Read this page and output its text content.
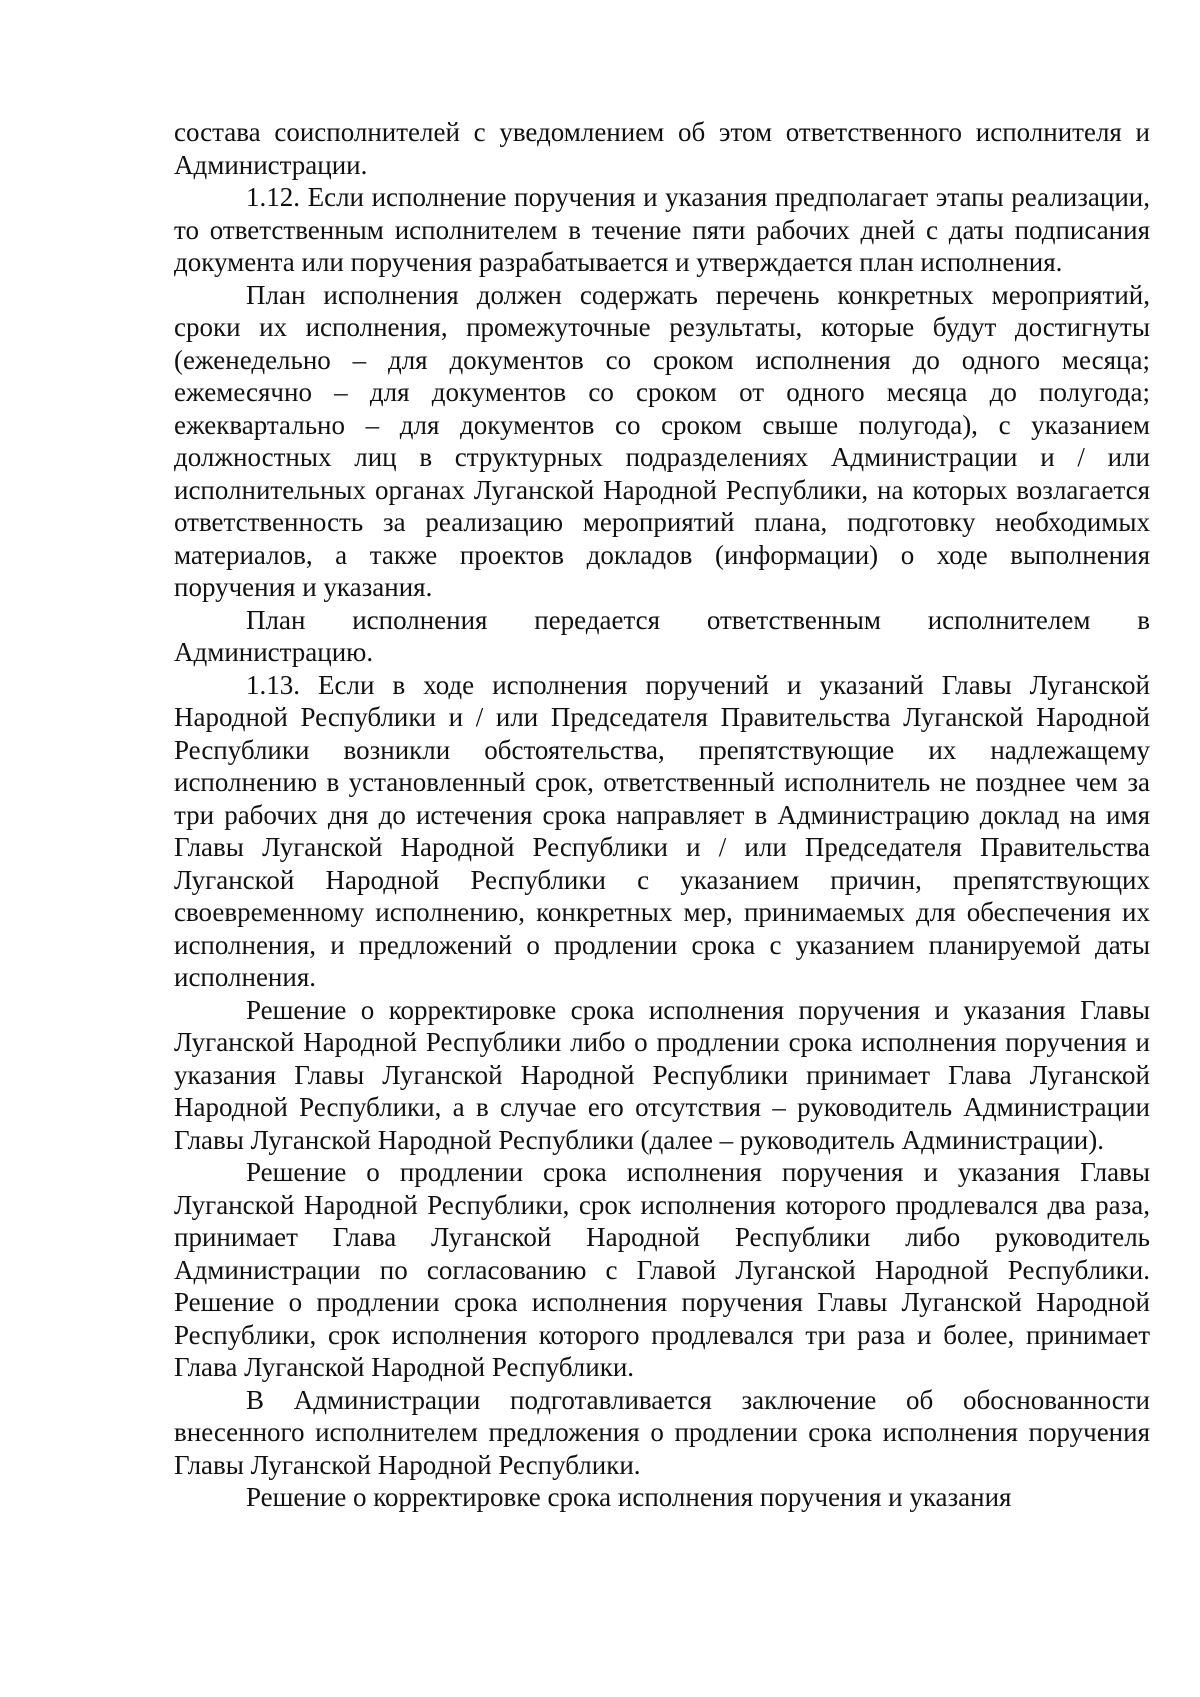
состава соисполнителей с уведомлением об этом ответственного исполнителя и Администрации.

1.12. Если исполнение поручения и указания предполагает этапы реализации, то ответственным исполнителем в течение пяти рабочих дней с даты подписания документа или поручения разрабатывается и утверждается план исполнения.

План исполнения должен содержать перечень конкретных мероприятий, сроки их исполнения, промежуточные результаты, которые будут достигнуты (еженедельно – для документов со сроком исполнения до одного месяца; ежемесячно – для документов со сроком от одного месяца до полугода; ежеквартально – для документов со сроком свыше полугода), с указанием должностных лиц в структурных подразделениях Администрации и / или исполнительных органах Луганской Народной Республики, на которых возлагается ответственность за реализацию мероприятий плана, подготовку необходимых материалов, а также проектов докладов (информации) о ходе выполнения поручения и указания.

План исполнения передается ответственным исполнителем в Администрацию.

1.13. Если в ходе исполнения поручений и указаний Главы Луганской Народной Республики и / или Председателя Правительства Луганской Народной Республики возникли обстоятельства, препятствующие их надлежащему исполнению в установленный срок, ответственный исполнитель не позднее чем за три рабочих дня до истечения срока направляет в Администрацию доклад на имя Главы Луганской Народной Республики и / или Председателя Правительства Луганской Народной Республики с указанием причин, препятствующих своевременному исполнению, конкретных мер, принимаемых для обеспечения их исполнения, и предложений о продлении срока с указанием планируемой даты исполнения.

Решение о корректировке срока исполнения поручения и указания Главы Луганской Народной Республики либо о продлении срока исполнения поручения и указания Главы Луганской Народной Республики принимает Глава Луганской Народной Республики, а в случае его отсутствия – руководитель Администрации Главы Луганской Народной Республики (далее – руководитель Администрации).

Решение о продлении срока исполнения поручения и указания Главы Луганской Народной Республики, срок исполнения которого продлевался два раза, принимает Глава Луганской Народной Республики либо руководитель Администрации по согласованию с Главой Луганской Народной Республики. Решение о продлении срока исполнения поручения Главы Луганской Народной Республики, срок исполнения которого продлевался три раза и более, принимает Глава Луганской Народной Республики.

В Администрации подготавливается заключение об обоснованности внесенного исполнителем предложения о продлении срока исполнения поручения Главы Луганской Народной Республики.

Решение о корректировке срока исполнения поручения и указания
